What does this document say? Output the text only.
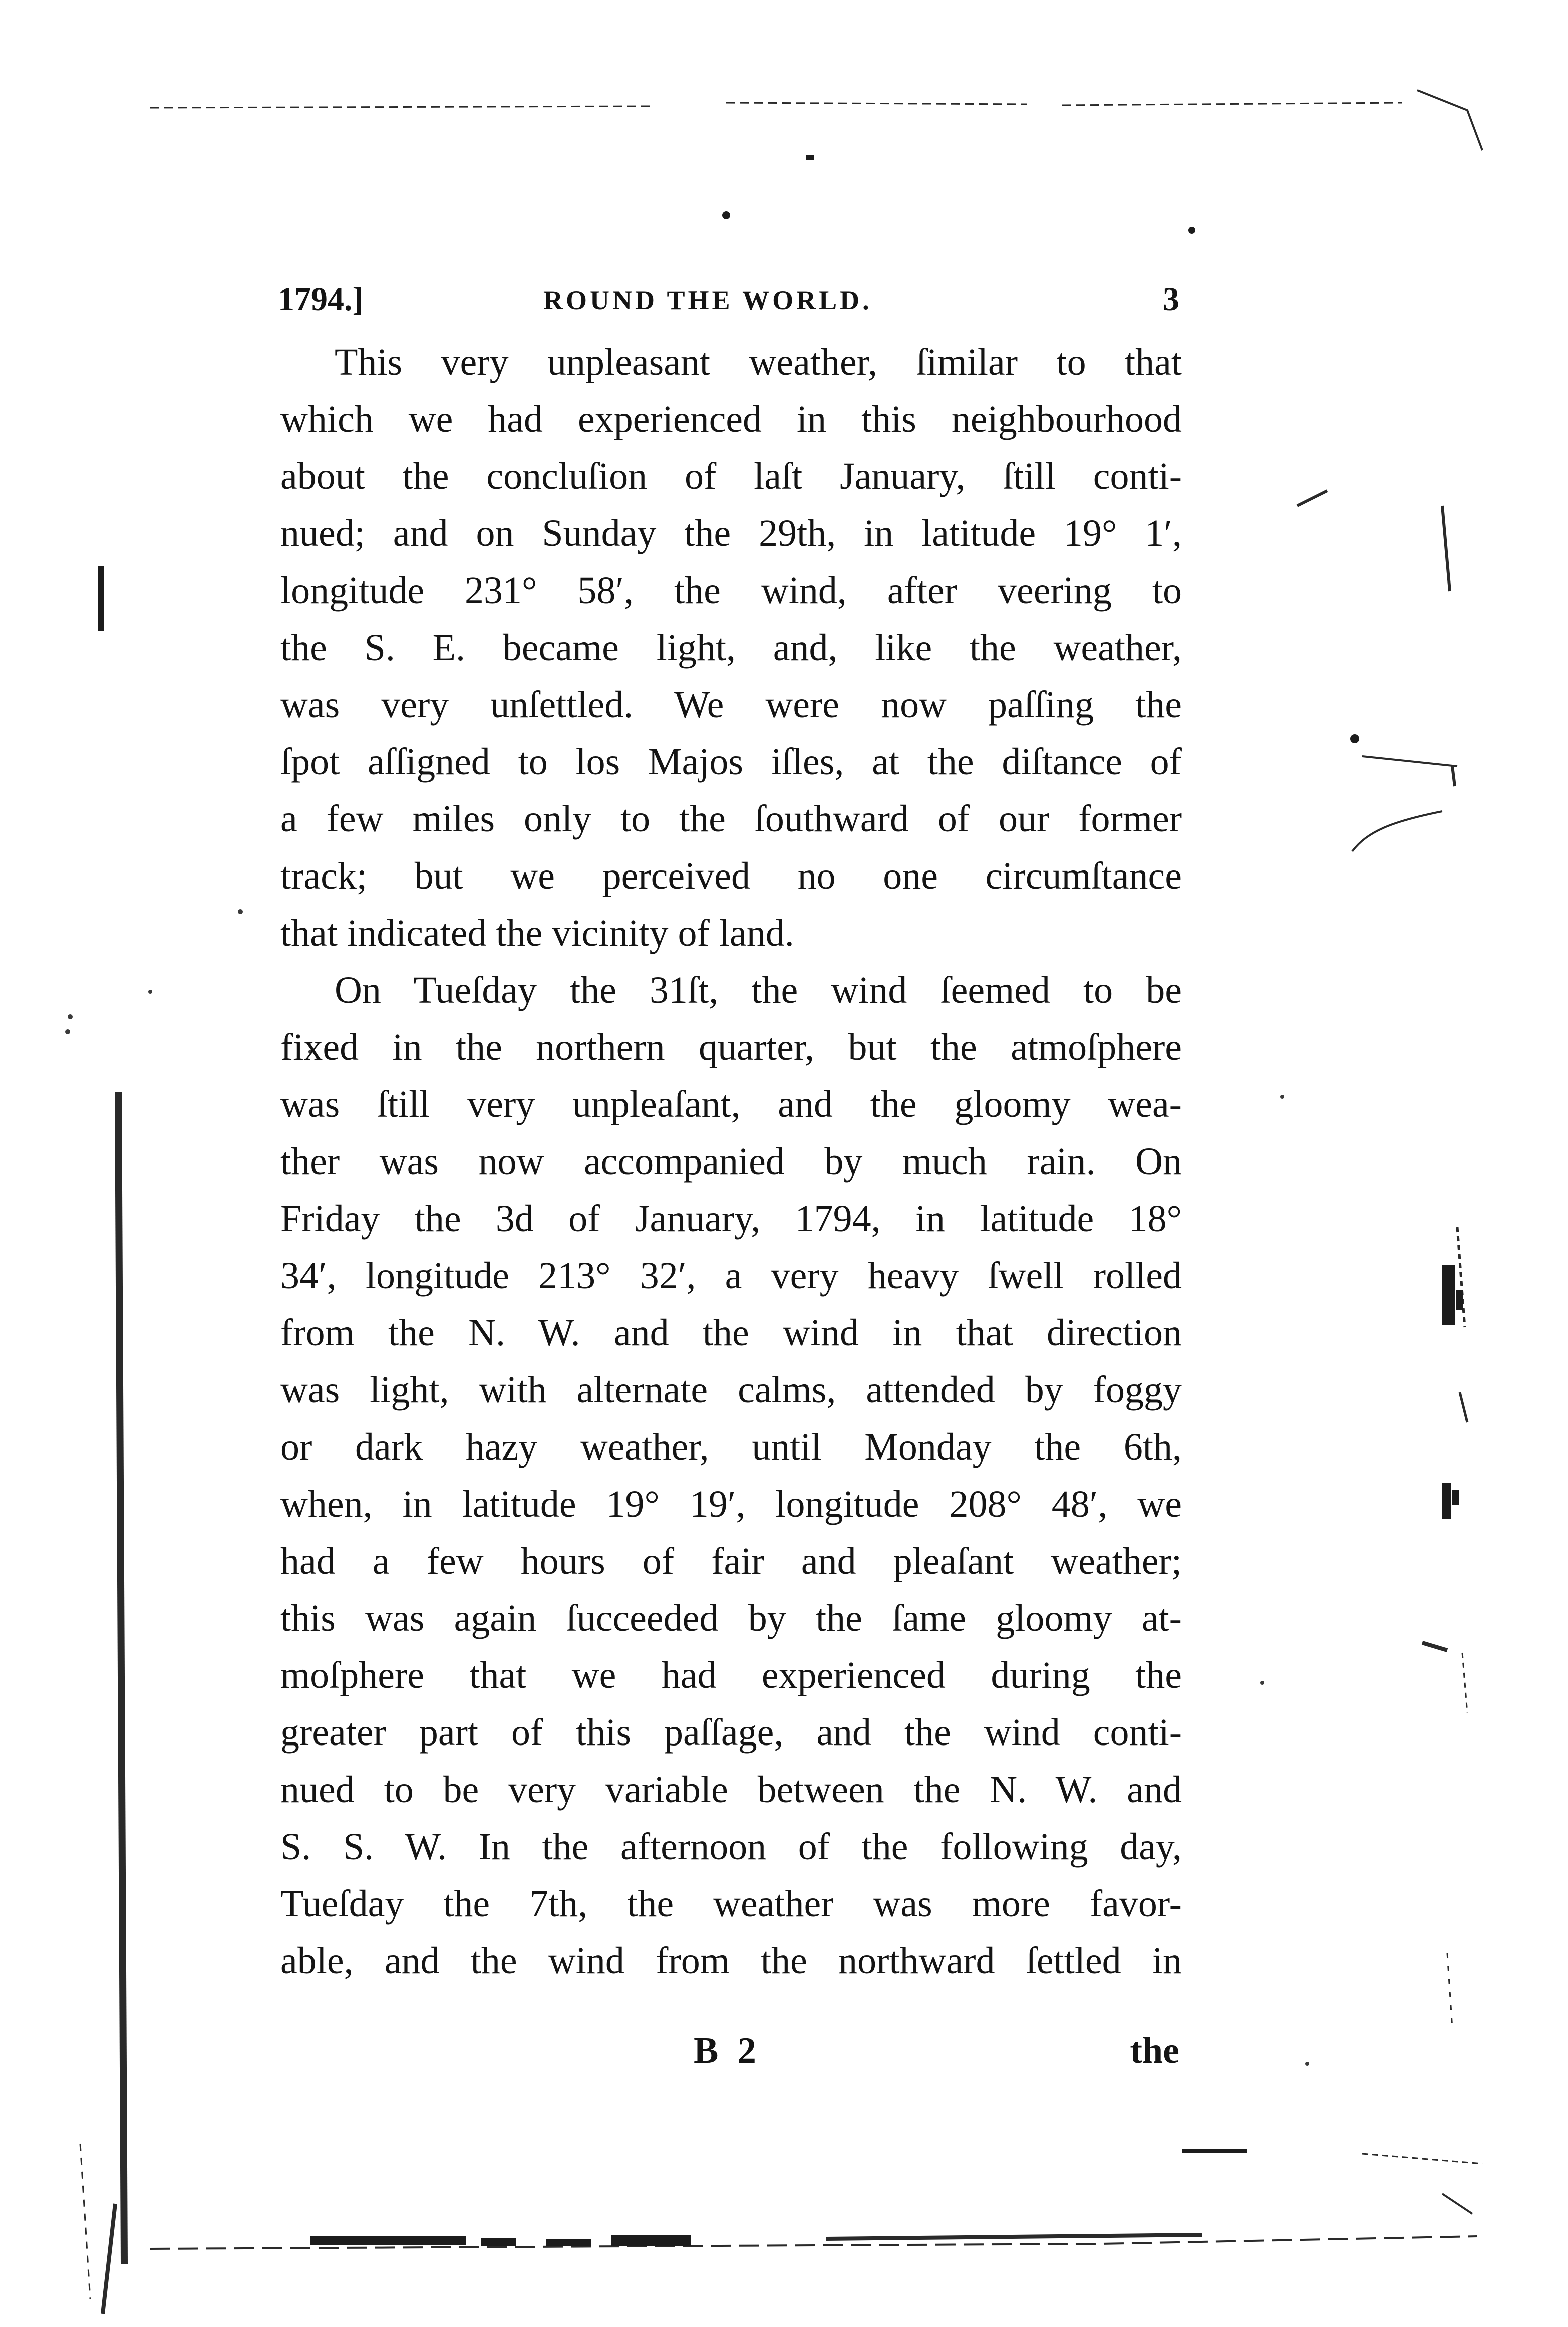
1794.]	ROUND THE WORLD.	3
This very unpleasant weather, ſimilar to that
which we had experienced in this neighbourhood
about the concluſion of laſt January, ſtill conti-
nued; and on Sunday the 29th, in latitude 19° 1′,
longitude 231° 58′, the wind, after veering to
the S. E. became light, and, like the weather,
was very unſettled. We were now paſſing the
ſpot aſſigned to los Majos iſles, at the diſtance of
a few miles only to the ſouthward of our former
track; but we perceived no one circumſtance
that indicated the vicinity of land.
On Tueſday the 31ſt, the wind ſeemed to be
fixed in the northern quarter, but the atmoſphere
was ſtill very unpleaſant, and the gloomy wea-
ther was now accompanied by much rain. On
Friday the 3d of January, 1794, in latitude 18°
34′, longitude 213° 32′, a very heavy ſwell rolled
from the N. W. and the wind in that direction
was light, with alternate calms, attended by foggy
or dark hazy weather, until Monday the 6th,
when, in latitude 19° 19′, longitude 208° 48′, we
had a few hours of fair and pleaſant weather;
this was again ſucceeded by the ſame gloomy at-
moſphere that we had experienced during the
greater part of this paſſage, and the wind conti-
nued to be very variable between the N. W. and
S. S. W. In the afternoon of the following day,
Tueſday the 7th, the weather was more favor-
able, and the wind from the northward ſettled in
B 2	the
